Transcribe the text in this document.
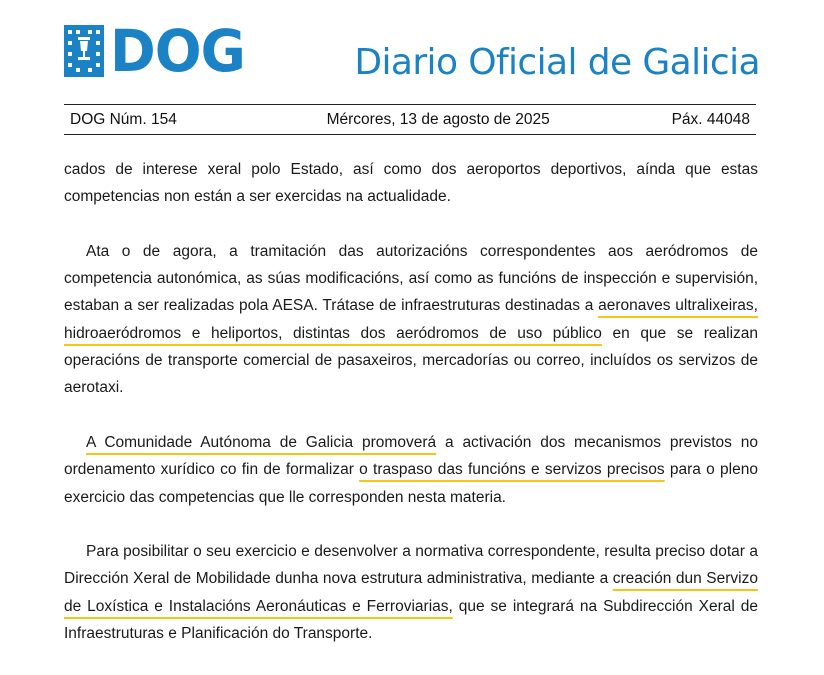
DOG	Diario Oficial de Galicia
DOG Núm. 154	Mércores, 13 de agosto de 2025	Páx. 44048

cados de interese xeral polo Estado, así como dos aeroportos deportivos, aínda que estas competencias non están a ser exercidas na actualidade.

Ata o de agora, a tramitación das autorizacións correspondentes aos aeródromos de competencia autonómica, as súas modificacións, así como as funcións de inspección e supervisión, estaban a ser realizadas pola AESA. Trátase de infraestruturas destinadas a aeronaves ultralixeiras, hidroaeródromos e heliportos, distintas dos aeródromos de uso público en que se realizan operacións de transporte comercial de pasaxeiros, mercadorías ou correo, incluídos os servizos de aerotaxi.

A Comunidade Autónoma de Galicia promoverá a activación dos mecanismos previstos no ordenamento xurídico co fin de formalizar o traspaso das funcións e servizos precisos para o pleno exercicio das competencias que lle corresponden nesta materia.

Para posibilitar o seu exercicio e desenvolver a normativa correspondente, resulta preciso dotar a Dirección Xeral de Mobilidade dunha nova estrutura administrativa, mediante a creación dun Servizo de Loxística e Instalacións Aeronáuticas e Ferroviarias, que se integrará na Subdirección Xeral de Infraestruturas e Planificación do Transporte.
